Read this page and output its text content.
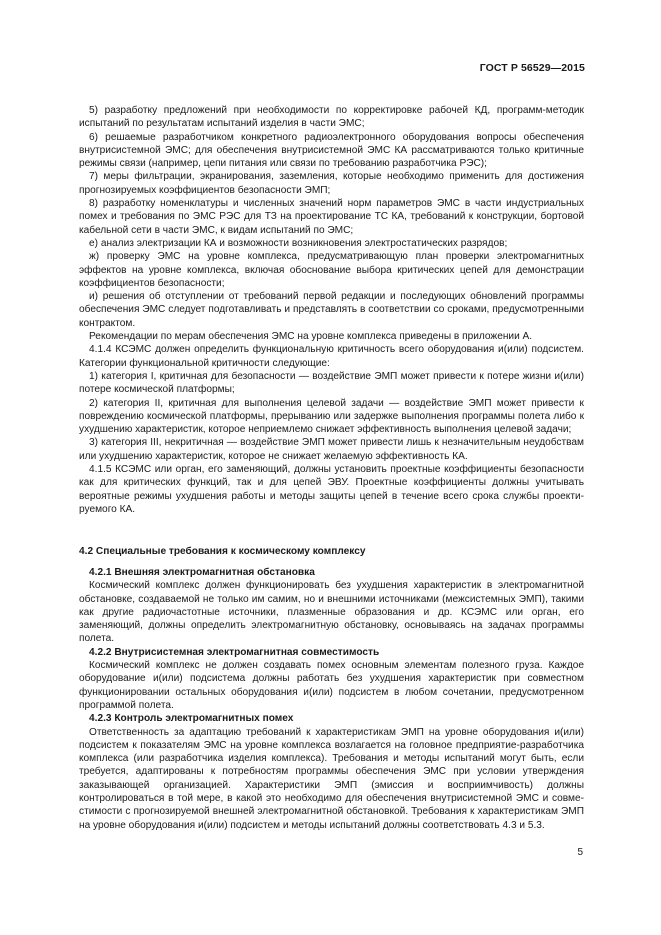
ГОСТ Р 56529—2015

5) разработку предложений при необходимости по корректировке рабочей КД, программ-методик испытаний по результатам испытаний изделия в части ЭМС;

6) решаемые разработчиком конкретного радиоэлектронного оборудования вопросы обеспечения внутрисистемной ЭМС; для обеспечения внутрисистемной ЭМС КА рассматриваются только критичные режимы связи (например, цепи питания или связи по требованию разработчика РЭС);

7) меры фильтрации, экранирования, заземления, которые необходимо применить для достижения прогнозируемых коэффициентов безопасности ЭМП;

8) разработку номенклатуры и численных значений норм параметров ЭМС в части индустриальных помех и требования по ЭМС РЭС для ТЗ на проектирование ТС КА, требований к конструкции, бортовой кабельной сети в части ЭМС, к видам испытаний по ЭМС;

е) анализ электризации КА и возможности возникновения электростатических разрядов;

ж) проверку ЭМС на уровне комплекса, предусматривающую план проверки электромагнитных эффектов на уровне комплекса, включая обоснование выбора критических цепей для демонстрации коэффициентов безопасности;

и) решения об отступлении от требований первой редакции и последующих обновлений программы обеспечения ЭМС следует подготавливать и представлять в соответствии со сроками, предусмотренными контрактом.

Рекомендации по мерам обеспечения ЭМС на уровне комплекса приведены в приложении А.

4.1.4 КСЭМС должен определить функциональную критичность всего оборудования и(или) подсистем. Категории функциональной критичности следующие:

1) категория I, критичная для безопасности — воздействие ЭМП может привести к потере жизни и(или) потере космической платформы;

2) категория II, критичная для выполнения целевой задачи — воздействие ЭМП может привести к повреждению космической платформы, прерыванию или задержке выполнения программы полета либо к ухудшению характеристик, которое неприемлемо снижает эффективность выполнения целевой задачи;

3) категория III, некритичная — воздействие ЭМП может привести лишь к незначительным неудобствам или ухудшению характеристик, которое не снижает желаемую эффективность КА.

4.1.5 КСЭМС или орган, его заменяющий, должны установить проектные коэффициенты безопасности как для критических функций, так и для цепей ЭВУ. Проектные коэффициенты должны учитывать вероятные режимы ухудшения работы и методы защиты цепей в течение всего срока службы проектируемого КА.

4.2 Специальные требования к космическому комплексу

4.2.1 Внешняя электромагнитная обстановка

Космический комплекс должен функционировать без ухудшения характеристик в электромагнитной обстановке, создаваемой не только им самим, но и внешними источниками (межсистемных ЭМП), такими как другие радиочастотные источники, плазменные образования и др. КСЭМС или орган, его заменяющий, должны определить электромагнитную обстановку, основываясь на задачах программы полета.

4.2.2 Внутрисистемная электромагнитная совместимость

Космический комплекс не должен создавать помех основным элементам полезного груза. Каждое оборудование и(или) подсистема должны работать без ухудшения характеристик при совместном функционировании остальных оборудования и(или) подсистем в любом сочетании, предусмотренном программой полета.

4.2.3 Контроль электромагнитных помех

Ответственность за адаптацию требований к характеристикам ЭМП на уровне оборудования и(или) подсистем к показателям ЭМС на уровне комплекса возлагается на головное предприятие-разработчика комплекса (или разработчика изделия комплекса). Требования и методы испытаний могут быть, если требуется, адаптированы к потребностям программы обеспечения ЭМС при условии утверждения заказывающей организацией. Характеристики ЭМП (эмиссия и восприимчивость) должны контролироваться в той мере, в какой это необходимо для обеспечения внутрисистемной ЭМС и совместимости с прогнозируемой внешней электромагнитной обстановкой. Требования к характеристикам ЭМП на уровне оборудования и(или) подсистем и методы испытаний должны соответствовать 4.3 и 5.3.

5
